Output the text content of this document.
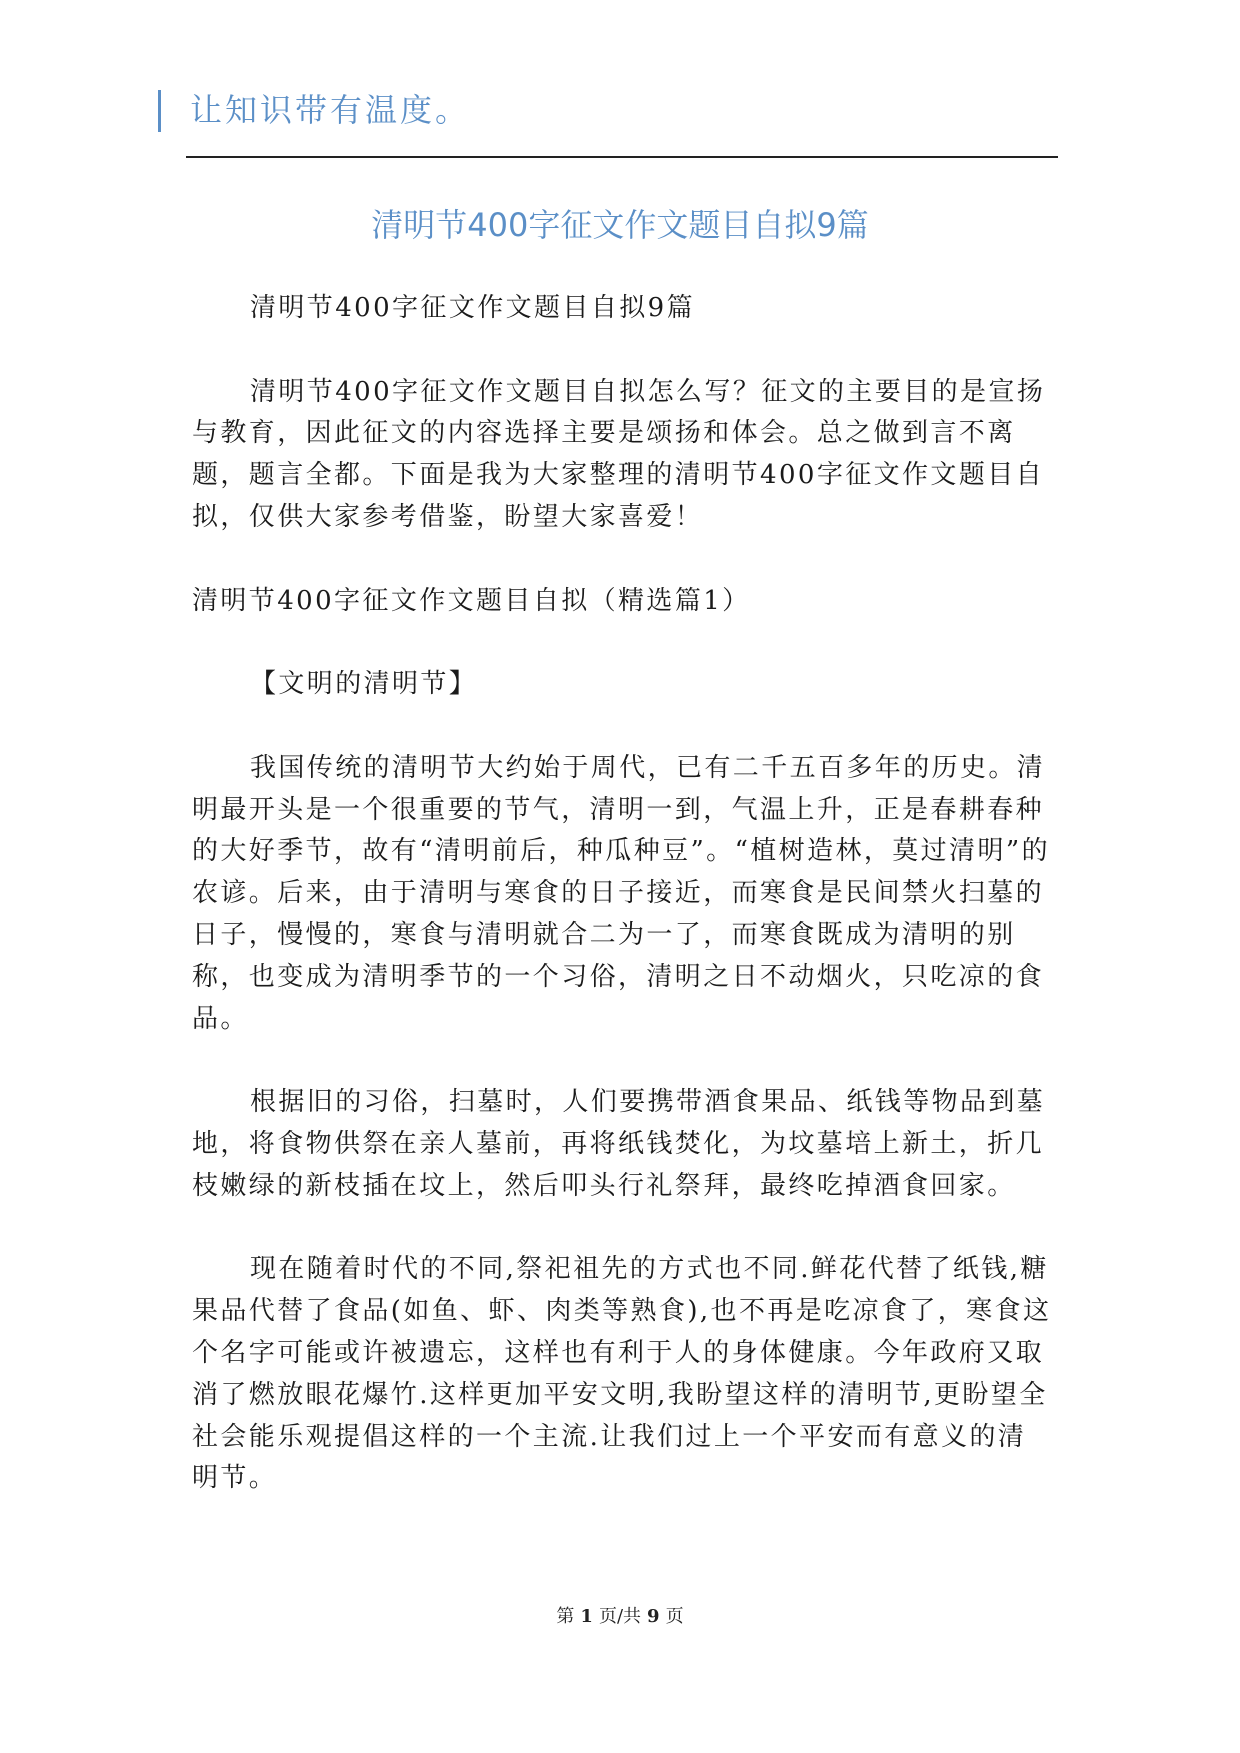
让知识带有温度。
清明节400字征文作文题目自拟9篇

清明节400字征文作文题目自拟9篇

清明节400字征文作文题目自拟怎么写？征文的主要目的是宣扬与教育，因此征文的内容选择主要是颂扬和体会。总之做到言不离题，题言全都。下面是我为大家整理的清明节400字征文作文题目自拟，仅供大家参考借鉴，盼望大家喜爱！

清明节400字征文作文题目自拟（精选篇1）

【文明的清明节】

我国传统的清明节大约始于周代，已有二千五百多年的历史。清明最开头是一个很重要的节气，清明一到，气温上升，正是春耕春种的大好季节，故有“清明前后，种瓜种豆”。“植树造林，莫过清明”的农谚。后来，由于清明与寒食的日子接近，而寒食是民间禁火扫墓的日子，慢慢的，寒食与清明就合二为一了，而寒食既成为清明的别称，也变成为清明季节的一个习俗，清明之日不动烟火，只吃凉的食品。

根据旧的习俗，扫墓时，人们要携带酒食果品、纸钱等物品到墓地，将食物供祭在亲人墓前，再将纸钱焚化，为坟墓培上新土，折几枝嫩绿的新枝插在坟上，然后叩头行礼祭拜，最终吃掉酒食回家。

现在随着时代的不同,祭祀祖先的方式也不同.鲜花代替了纸钱,糖果品代替了食品(如鱼、虾、肉类等熟食),也不再是吃凉食了，寒食这个名字可能或许被遗忘，这样也有利于人的身体健康。今年政府又取消了燃放眼花爆竹.这样更加平安文明,我盼望这样的清明节,更盼望全社会能乐观提倡这样的一个主流.让我们过上一个平安而有意义的清明节。

第 1 页/共 9 页
